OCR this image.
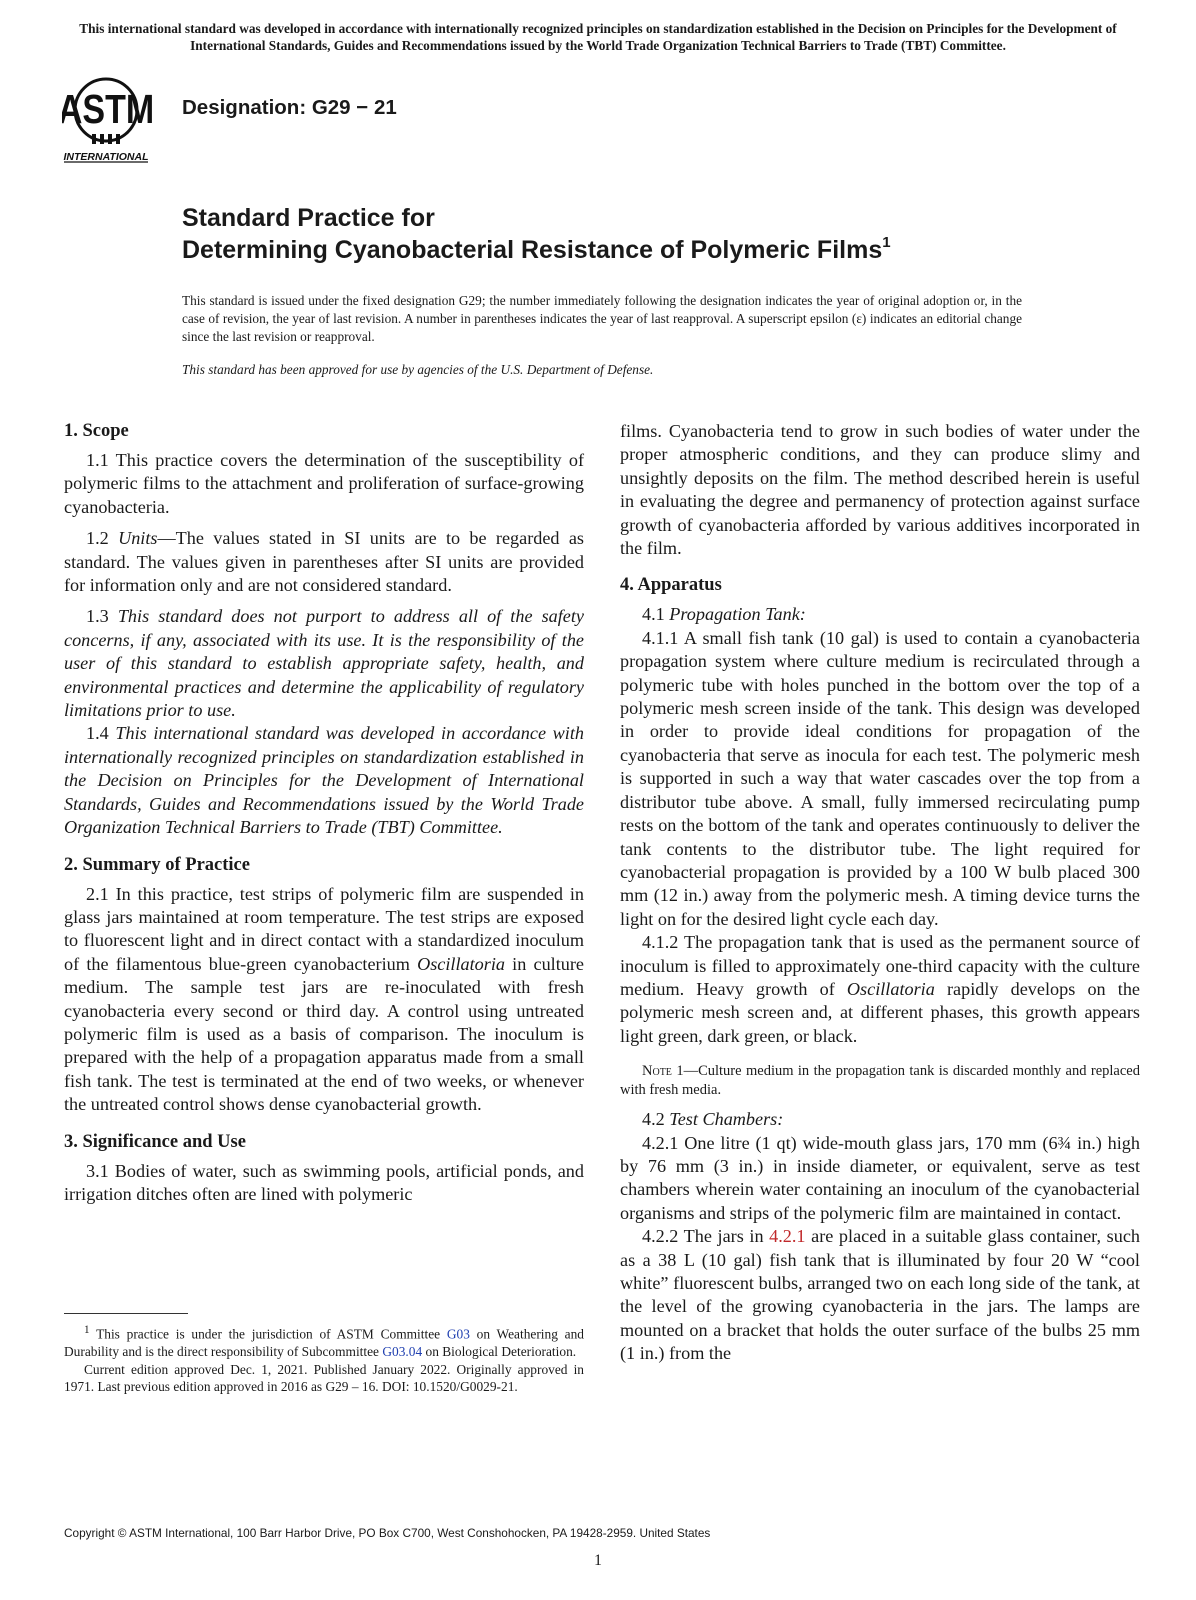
This international standard was developed in accordance with internationally recognized principles on standardization established in the Decision on Principles for the Development of International Standards, Guides and Recommendations issued by the World Trade Organization Technical Barriers to Trade (TBT) Committee.
ASTM
INTERNATIONAL
Designation: G29 − 21
Standard Practice for
Determining Cyanobacterial Resistance of Polymeric Films$^1$
This standard is issued under the fixed designation G29; the number immediately following the designation indicates the year of original adoption or, in the case of revision, the year of last revision. A number in parentheses indicates the year of last reapproval. A superscript epsilon (ε) indicates an editorial change since the last revision or reapproval.
This standard has been approved for use by agencies of the U.S. Department of Defense.
1. Scope

1.1 This practice covers the determination of the susceptibility of polymeric films to the attachment and proliferation of surface-growing cyanobacteria.

1.2 Units—The values stated in SI units are to be regarded as standard. The values given in parentheses after SI units are provided for information only and are not considered standard.

1.3 This standard does not purport to address all of the safety concerns, if any, associated with its use. It is the responsibility of the user of this standard to establish appropriate safety, health, and environmental practices and determine the applicability of regulatory limitations prior to use.

1.4 This international standard was developed in accordance with internationally recognized principles on standardization established in the Decision on Principles for the Development of International Standards, Guides and Recommendations issued by the World Trade Organization Technical Barriers to Trade (TBT) Committee.

2. Summary of Practice

2.1 In this practice, test strips of polymeric film are suspended in glass jars maintained at room temperature. The test strips are exposed to fluorescent light and in direct contact with a standardized inoculum of the filamentous blue-green cyanobacterium Oscillatoria in culture medium. The sample test jars are re-inoculated with fresh cyanobacteria every second or third day. A control using untreated polymeric film is used as a basis of comparison. The inoculum is prepared with the help of a propagation apparatus made from a small fish tank. The test is terminated at the end of two weeks, or whenever the untreated control shows dense cyanobacterial growth.

3. Significance and Use

3.1 Bodies of water, such as swimming pools, artificial ponds, and irrigation ditches often are lined with polymeric

films. Cyanobacteria tend to grow in such bodies of water under the proper atmospheric conditions, and they can produce slimy and unsightly deposits on the film. The method described herein is useful in evaluating the degree and permanency of protection against surface growth of cyanobacteria afforded by various additives incorporated in the film.

4. Apparatus

4.1 Propagation Tank:

4.1.1 A small fish tank (10 gal) is used to contain a cyanobacteria propagation system where culture medium is recirculated through a polymeric tube with holes punched in the bottom over the top of a polymeric mesh screen inside of the tank. This design was developed in order to provide ideal conditions for propagation of the cyanobacteria that serve as inocula for each test. The polymeric mesh is supported in such a way that water cascades over the top from a distributor tube above. A small, fully immersed recirculating pump rests on the bottom of the tank and operates continuously to deliver the tank contents to the distributor tube. The light required for cyanobacterial propagation is provided by a 100 W bulb placed 300 mm (12 in.) away from the polymeric mesh. A timing device turns the light on for the desired light cycle each day.

4.1.2 The propagation tank that is used as the permanent source of inoculum is filled to approximately one-third capacity with the culture medium. Heavy growth of Oscillatoria rapidly develops on the polymeric mesh screen and, at different phases, this growth appears light green, dark green, or black.

Note 1—Culture medium in the propagation tank is discarded monthly and replaced with fresh media.

4.2 Test Chambers:

4.2.1 One litre (1 qt) wide-mouth glass jars, 170 mm (6¾ in.) high by 76 mm (3 in.) in inside diameter, or equivalent, serve as test chambers wherein water containing an inoculum of the cyanobacterial organisms and strips of the polymeric film are maintained in contact.

4.2.2 The jars in 4.2.1 are placed in a suitable glass container, such as a 38 L (10 gal) fish tank that is illuminated by four 20 W “cool white” fluorescent bulbs, arranged two on each long side of the tank, at the level of the growing cyanobacteria in the jars. The lamps are mounted on a bracket that holds the outer surface of the bulbs 25 mm (1 in.) from the

$^1$ This practice is under the jurisdiction of ASTM Committee G03 on Weathering and Durability and is the direct responsibility of Subcommittee G03.04 on Biological Deterioration.

Current edition approved Dec. 1, 2021. Published January 2022. Originally approved in 1971. Last previous edition approved in 2016 as G29 – 16. DOI: 10.1520/G0029-21.

Copyright © ASTM International, 100 Barr Harbor Drive, PO Box C700, West Conshohocken, PA 19428-2959. United States
1
